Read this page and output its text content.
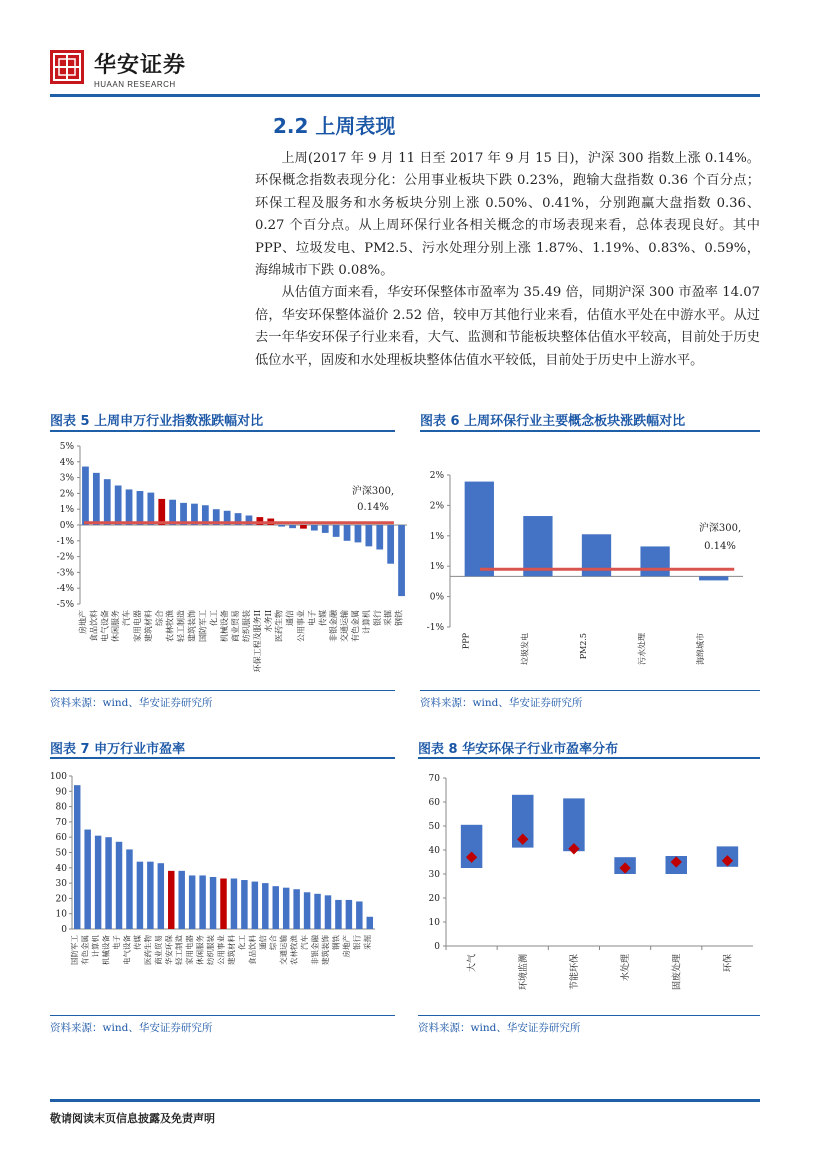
华安证券
HUAAN RESEARCH
2.2 上周表现

上周(2017 年 9 月 11 日至 2017 年 9 月 15 日)，沪深 300 指数上涨 0.14%。环保概念指数表现分化：公用事业板块下跌 0.23%，跑输大盘指数 0.36 个百分点；环保工程及服务和水务板块分别上涨 0.50%、0.41%，分别跑赢大盘指数 0.36、0.27 个百分点。从上周环保行业各相关概念的市场表现来看，总体表现良好。其中 PPP、垃圾发电、PM2.5、污水处理分别上涨 1.87%、1.19%、0.83%、0.59%，海绵城市下跌 0.08%。

从估值方面来看，华安环保整体市盈率为 35.49 倍，同期沪深 300 市盈率 14.07 倍，华安环保整体溢价 2.52 倍，较申万其他行业来看，估值水平处在中游水平。从过去一年华安环保子行业来看，大气、监测和节能板块整体估值水平较高，目前处于历史低位水平，固废和水处理板块整体估值水平较低，目前处于历史中上游水平。

图表 5 上周申万行业指数涨跌幅对比
5%
4%
3%
2%
1%
0%
-1%
-2%
-3%
-4%
-5%
房地产 食品饮料 电气设备 休闲服务 汽车 家用电器 建筑材料 综合 农林牧渔 轻工制造 建筑装饰 国防军工 化工 机械设备 商业贸易 纺织服装 环保工程及服务II 水务II 医药生物 通信 公用事业 电子 传媒 非银金融 交通运输 有色金属 计算机 银行 采掘 钢铁
沪深300,
0.14%
资料来源：wind、华安证券研究所
图表 6 上周环保行业主要概念板块涨跌幅对比
2%
2%
1%
1%
0%
-1%
PPP	垃圾发电	PM2.5	污水处理	海绵城市
沪深300,
0.14%
资料来源：wind、华安证券研究所
图表 7 申万行业市盈率
100
90
80
70
60
50
40
30
20
10
0
国防军工 有色金属 计算机 机械设备 电子 电气设备 传媒 医药生物 商业贸易 华安环保 轻工制造 家用电器 休闲服务 纺织服装 公用事业 建筑材料 化工 食品饮料 通信 综合 交通运输 农林牧渔 汽车 非银金融 建筑装饰 钢铁 房地产 银行 采掘
资料来源：wind、华安证券研究所
图表 8 华安环保子行业市盈率分布
70
60
50
40
30
20
10
0
大气	环境监测	节能环保	水处理	固废处理	环保
资料来源：wind、华安证券研究所
敬请阅读末页信息披露及免责声明
